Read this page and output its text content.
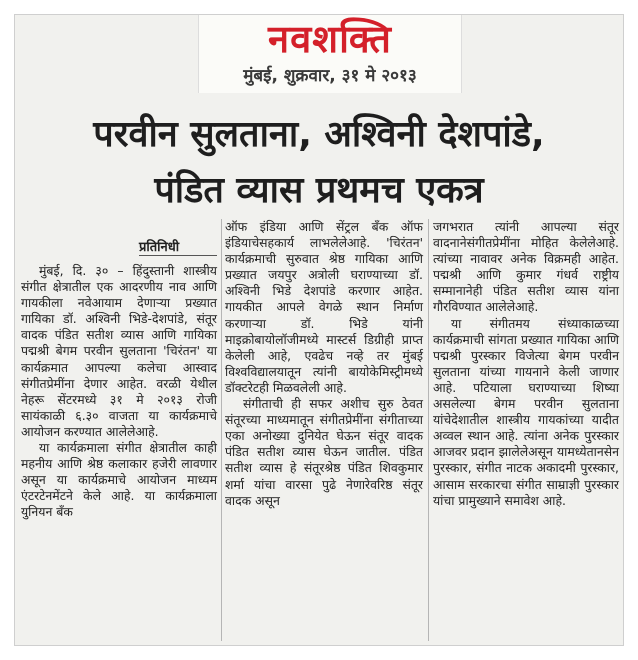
नवशक्ति
मुंबई, शुक्रवार, ३१ मे २०१३
परवीन सुलताना, अश्विनी देशपांडे,
पंडित व्यास प्रथमच एकत्र
प्रतिनिधी

मुंबई, दि. ३० – हिंदुस्तानी शास्त्रीय संगीत क्षेत्रातील एक आदरणीय नाव आणि गायकीला नवेआयाम देणाऱ्या प्रख्यात गायिका डॉ. अश्विनी भिडे-देशपांडे, संतूर वादक पंडित सतीश व्यास आणि गायिका पद्मश्री बेगम परवीन सुलताना 'चिरंतन' या कार्यक्रमात आपल्या कलेचा आस्वाद संगीतप्रेमींना देणार आहेत. वरळी येथील नेहरू सेंटरमध्ये ३१ मे २०१३ रोजी सायंकाळी ६.३० वाजता या कार्यक्रमाचे आयोजन करण्यात आलेलेआहे.

या कार्यक्रमाला संगीत क्षेत्रातील काही महनीय आणि श्रेष्ठ कलाकार हजेरी लावणार असून या कार्यक्रमाचे आयोजन माध्यम एंटरटेनमेंटने केले आहे. या कार्यक्रमाला युनियन बँक

ऑफ इंडिया आणि सेंट्रल बँक ऑफ इंडियाचेसहकार्य लाभलेलेआहे. 'चिरंतन' कार्यक्रमाची सुरुवात श्रेष्ठ गायिका आणि प्रख्यात जयपुर अत्रोली घराण्याच्या डॉ. अश्विनी भिडे देशपांडे करणार आहेत. गायकीत आपले वेगळे स्थान निर्माण करणाऱ्या डॉ. भिडे यांनी माइक्रोबायोलॉजीमध्ये मास्टर्स डिग्रीही प्राप्त केलेली आहे, एवढेच नव्हे तर मुंबई विश्वविद्यालयातून त्यांनी बायोकेमिस्ट्रीमध्ये डॉक्टरेटही मिळवलेली आहे.

संगीताची ही सफर अशीच सुरु ठेवत संतूरच्या माध्यमातून संगीतप्रेमींना संगीताच्या एका अनोख्या दुनियेत घेऊन संतूर वादक पंडित सतीश व्यास घेऊन जातील. पंडित सतीश व्यास हे संतूरश्रेष्ठ पंडित शिवकुमार शर्मा यांचा वारसा पुढे नेणारेवरिष्ठ संतूर वादक असून

जगभरात त्यांनी आपल्या संतूर वादनानेसंगीतप्रेमींना मोहित केलेलेआहे. त्यांच्या नावावर अनेक विक्रमही आहेत. पद्मश्री आणि कुमार गंधर्व राष्ट्रीय सम्मानानेही पंडित सतीश व्यास यांना गौरविण्यात आलेलेआहे.

या संगीतमय संध्याकाळच्या कार्यक्रमाची सांगता प्रख्यात गायिका आणि पद्मश्री पुरस्कार विजेत्या बेगम परवीन सुलताना यांच्या गायनाने केली जाणार आहे. पटियाला घराण्याच्या शिष्या असलेल्या बेगम परवीन सुलताना यांचेदेशातील शास्त्रीय गायकांच्या यादीत अव्वल स्थान आहे. त्यांना अनेक पुरस्कार आजवर प्रदान झालेलेअसून यामध्येतानसेन पुरस्कार, संगीत नाटक अकादमी पुरस्कार, आसाम सरकारचा संगीत साम्राज्ञी पुरस्कार यांचा प्रामुख्याने समावेश आहे.
